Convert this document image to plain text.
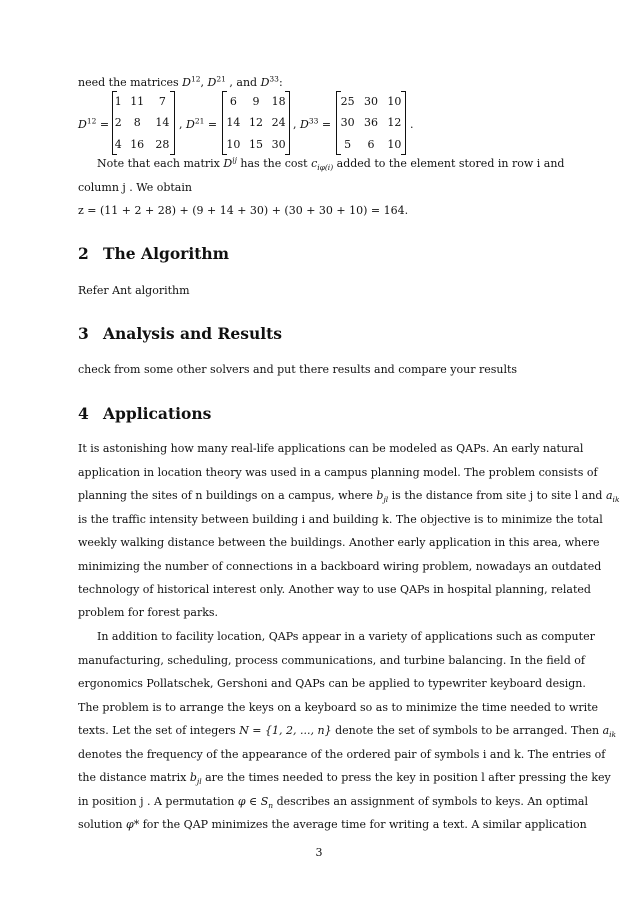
need the matrices $D^{12}$, $D^{21}$ , and $D^{33}$:
$D^{12}$ =
1	11	7
2	8	14
4	16	28
, $D^{21}$ =
6	9	18
14	12	24
10	15	30
, $D^{33}$ =
25	30	10
30	36	12
5	6	10
.
Note that each matrix $D^{ij}$ has the cost $c_{i\varphi(i)}$ added to the element stored in row i and
column j . We obtain
z = (11 + 2 + 28) + (9 + 14 + 30) + (30 + 30 + 10) = 164.
2 The Algorithm
Refer Ant algorithm
3 Analysis and Results
check from some other solvers and put there results and compare your results
4 Applications
It is astonishing how many real-life applications can be modeled as QAPs. An early natural
application in location theory was used in a campus planning model. The problem consists of
planning the sites of n buildings on a campus, where $b_{jl}$ is the distance from site j to site l and $a_{ik}$
is the traffic intensity between building i and building k. The objective is to minimize the total
weekly walking distance between the buildings. Another early application in this area, where
minimizing the number of connections in a backboard wiring problem, nowadays an outdated
technology of historical interest only. Another way to use QAPs in hospital planning, related
problem for forest parks.
In addition to facility location, QAPs appear in a variety of applications such as computer
manufacturing, scheduling, process communications, and turbine balancing. In the field of
ergonomics Pollatschek, Gershoni and QAPs can be applied to typewriter keyboard design.
The problem is to arrange the keys on a keyboard so as to minimize the time needed to write
texts. Let the set of integers N = {1, 2, ..., n} denote the set of symbols to be arranged. Then $a_{ik}$
denotes the frequency of the appearance of the ordered pair of symbols i and k. The entries of
the distance matrix $b_{jl}$ are the times needed to press the key in position l after pressing the key
in position j . A permutation φ ∈ $S_n$ describes an assignment of symbols to keys. An optimal
solution φ* for the QAP minimizes the average time for writing a text. A similar application
3
